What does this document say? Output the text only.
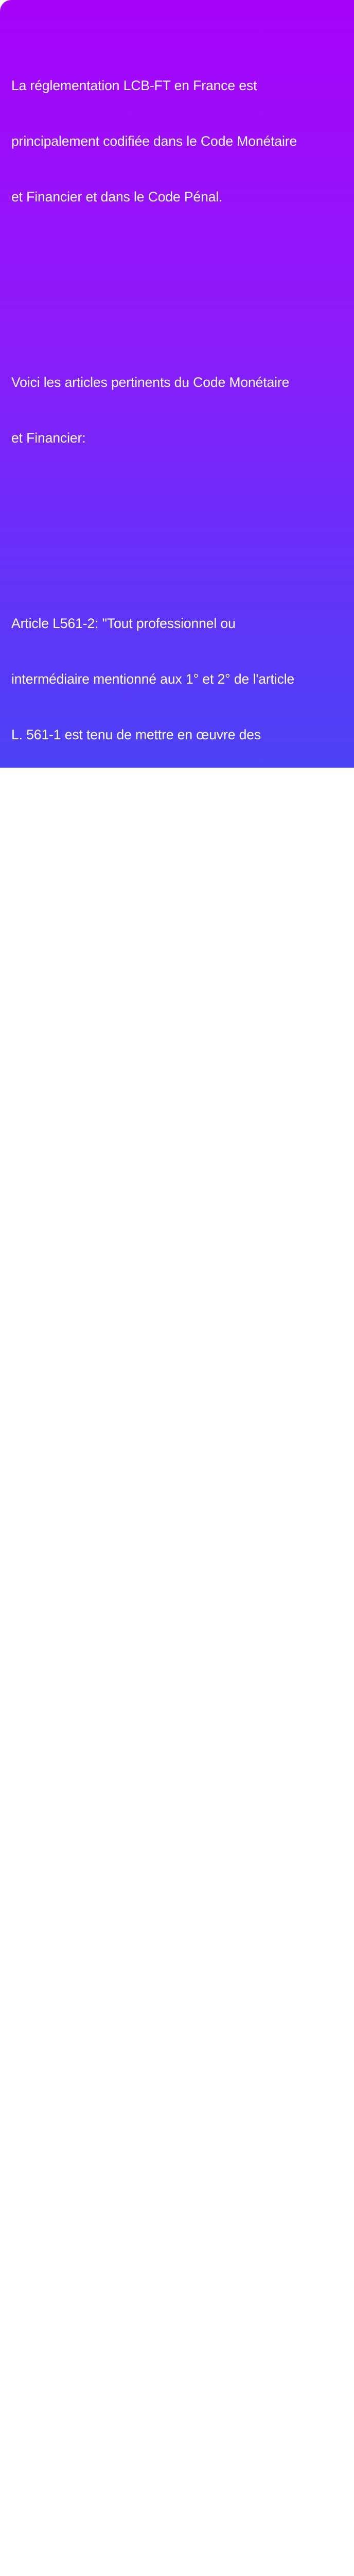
La réglementation LCB-FT en France est

principalement codifiée dans le Code Monétaire

et Financier et dans le Code Pénal.

Voici les articles pertinents du Code Monétaire

et Financier:

Article L561-2: "Tout professionnel ou

intermédiaire mentionné aux 1° et 2° de l'article

L. 561-1 est tenu de mettre en œuvre des

mesures de diligence raisonnable pour évaluer

les risques de blanchiment de capitaux et de

financement du terrorisme auxquels il est

exposé dans le cadre de ses activités, de

manière à pouvoir adapter ces mesures en

fonction de ces risques."

Article L561-4: "Tout professionnel ou

intermédiaire mentionné aux 1° et 2° de l'article

L. 561-1 est tenu de prendre des mesures

adéquates pour s'assurer que les personnes

morales qu'il crée, gère, conseille ou surveille,

ou auxquelles il accorde une aide quelconque,

ne sont pas utilisées pour des activités de

blanchiment de capitaux ou de financement du

terrorisme."

Voici les articles pertinents du Code Pénal:

Article 324-1: "Le blanchiment de capitaux est

puni de cinq ans d'emprisonnement et de 375

000 € d'amende. Sera puni de la même peine le

fait, soit de participer, soit de faciliter, soit de

tenter de participer ou de faciliter, par quelque

moyen que ce soit, au blanchiment de capitaux."

Article 421-2-1: "Le financement du terrorisme

est puni de dix ans d'emprisonnement et de 750

000 € d'amende. Sera puni de la même peine le

fait, soit de participer, soit de faciliter, soit de
